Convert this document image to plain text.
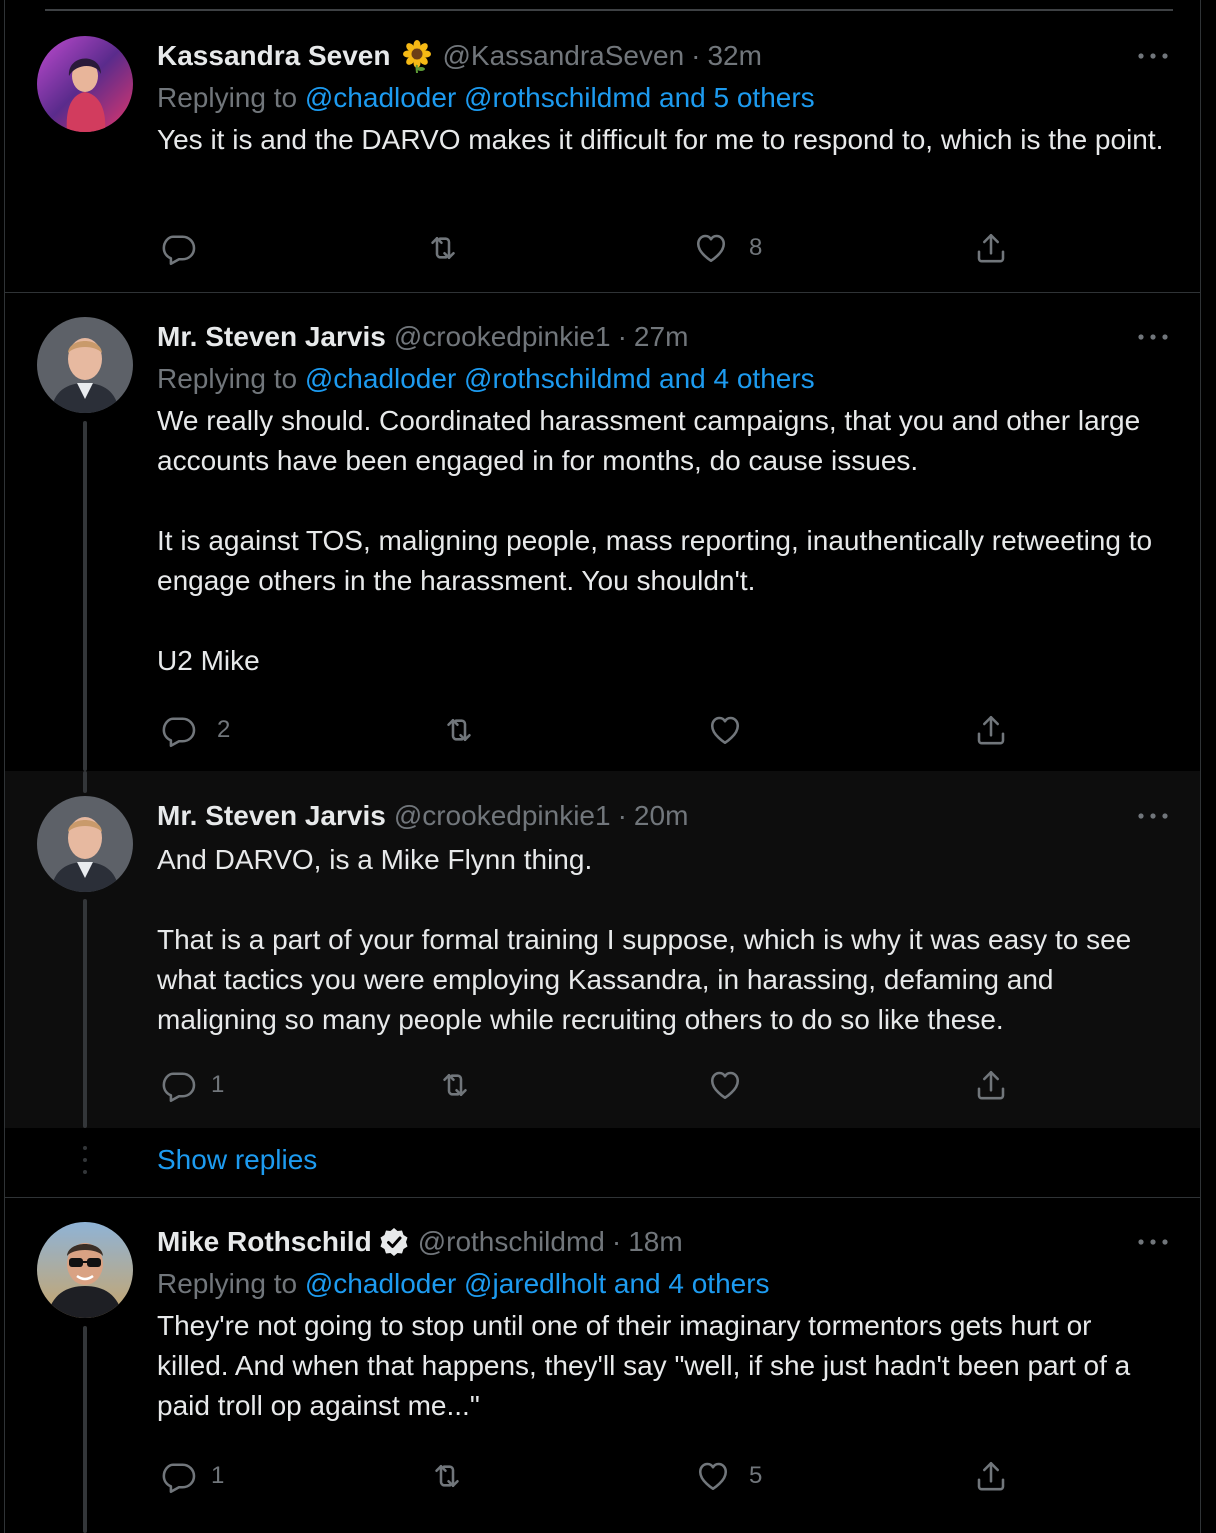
Kassandra Seven @KassandraSeven · 32m
Replying to @chadloder @rothschildmd and 5 others

Yes it is and the DARVO makes it difficult for me to respond to, which is the point.

8
Mr. Steven Jarvis @crookedpinkie1 · 27m
Replying to @chadloder @rothschildmd and 4 others

We really should. Coordinated harassment campaigns, that you and other large accounts have been engaged in for months, do cause issues.

It is against TOS, maligning people, mass reporting, inauthentically retweeting to engage others in the harassment. You shouldn't.

U2 Mike

2
Mr. Steven Jarvis @crookedpinkie1 · 20m

And DARVO, is a Mike Flynn thing.

That is a part of your formal training I suppose, which is why it was easy to see what tactics you were employing Kassandra, in harassing, defaming and maligning so many people while recruiting others to do so like these.

1
Show replies
Mike Rothschild @rothschildmd · 18m
Replying to @chadloder @jaredlholt and 4 others

They're not going to stop until one of their imaginary tormentors gets hurt or killed. And when that happens, they'll say "well, if she just hadn't been part of a paid troll op against me..."

1	5
